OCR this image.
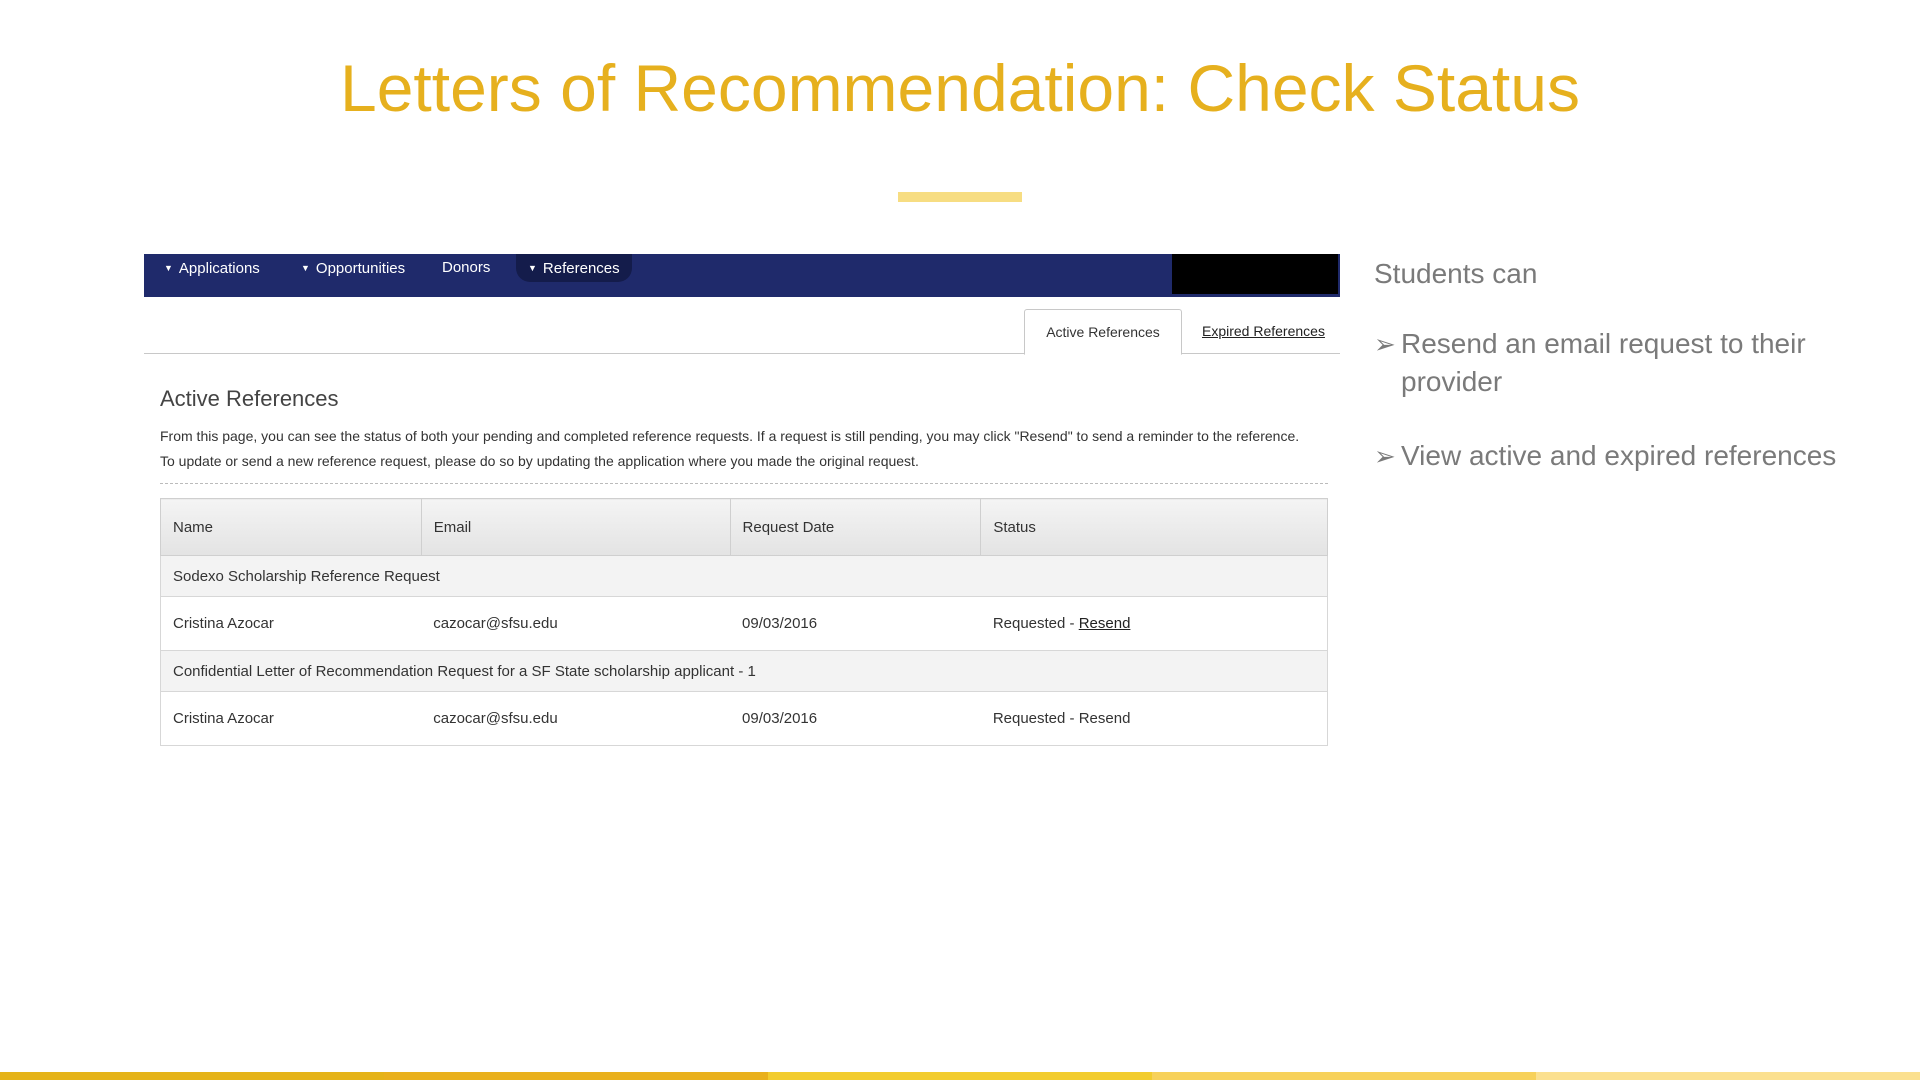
Letters of Recommendation: Check Status
▼ Applications	▼ Opportunities Donors	▼ References
Active References	Expired References
Active References
From this page, you can see the status of both your pending and completed reference requests. If a request is still pending, you may click "Resend" to send a reminder to the reference. To update or send a new reference request, please do so by updating the application where you made the original request.
Name	Email	Request Date	Status
Sodexo Scholarship Reference Request			
Cristina Azocar	cazocar@sfsu.edu	09/03/2016	Requested - Resend
Confidential Letter of Recommendation Request for a SF State scholarship applicant - 1			
Cristina Azocar	cazocar@sfsu.edu	09/03/2016	Requested - Resend
Students can
➢ Resend an email request to their provider
➢ View active and expired references
